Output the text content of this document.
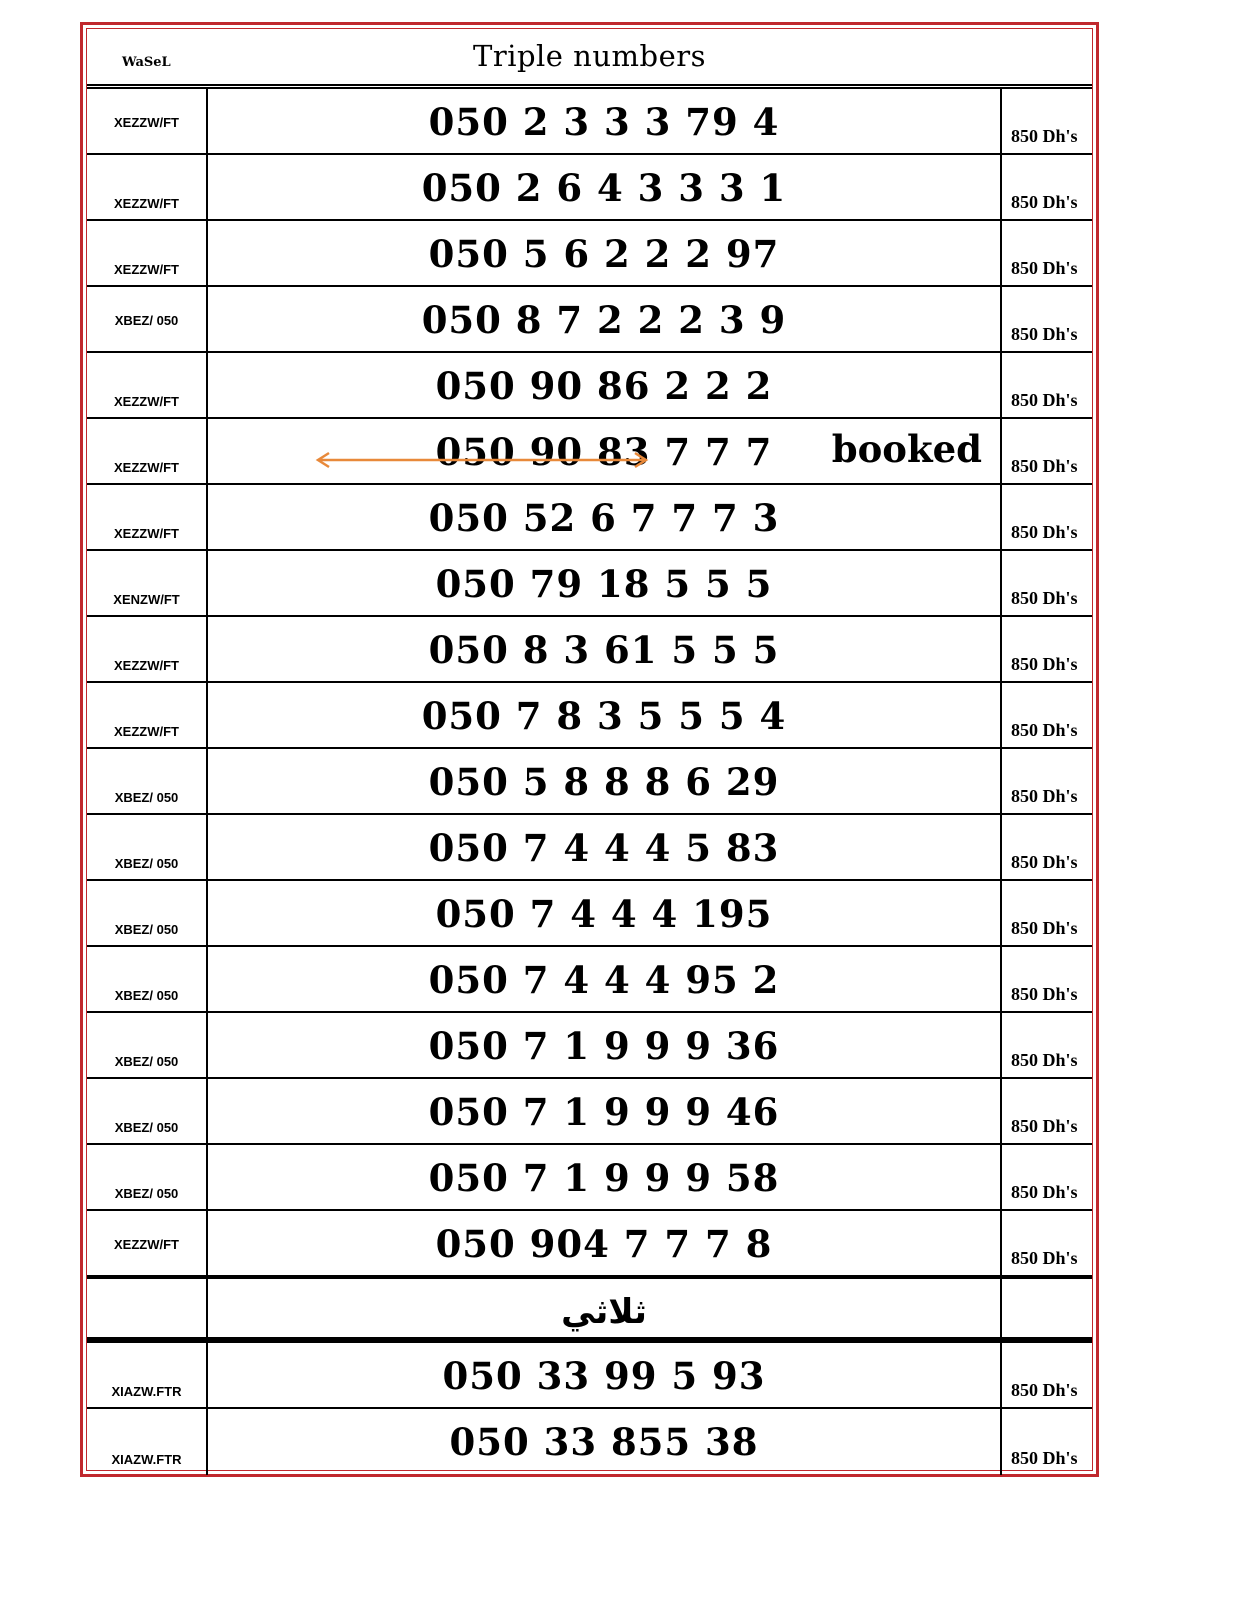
WaSeL	Triple numbers
XEZZW/FT	050 2 3 3 3 79 4	850 Dh's
XEZZW/FT	050 2 6 4 3 3 3 1	850 Dh's
XEZZW/FT	050 5 6 2 2 2 97	850 Dh's
XBEZ/ 050	050 8 7 2 2 2 3 9	850 Dh's
XEZZW/FT	050 90 86 2 2 2	850 Dh's
XEZZW/FT	050 90 83 7 7 7	850 Dh's
booked
XEZZW/FT	050 52 6 7 7 7 3	850 Dh's
XENZW/FT	050 79 18 5 5 5	850 Dh's
XEZZW/FT	050 8 3 61 5 5 5	850 Dh's
XEZZW/FT	050 7 8 3 5 5 5 4	850 Dh's
XBEZ/ 050	050 5 8 8 8 6 29	850 Dh's
XBEZ/ 050	050 7 4 4 4 5 83	850 Dh's
XBEZ/ 050	050 7 4 4 4 195	850 Dh's
XBEZ/ 050	050 7 4 4 4 95 2	850 Dh's
XBEZ/ 050	050 7 1 9 9 9 36	850 Dh's
XBEZ/ 050	050 7 1 9 9 9 46	850 Dh's
XBEZ/ 050	050 7 1 9 9 9 58	850 Dh's
XEZZW/FT	050 904 7 7 7 8	850 Dh's
ثلاثي
XIAZW.FTR	050 33 99 5 93	850 Dh's
XIAZW.FTR	050 33 855 38	850 Dh's
